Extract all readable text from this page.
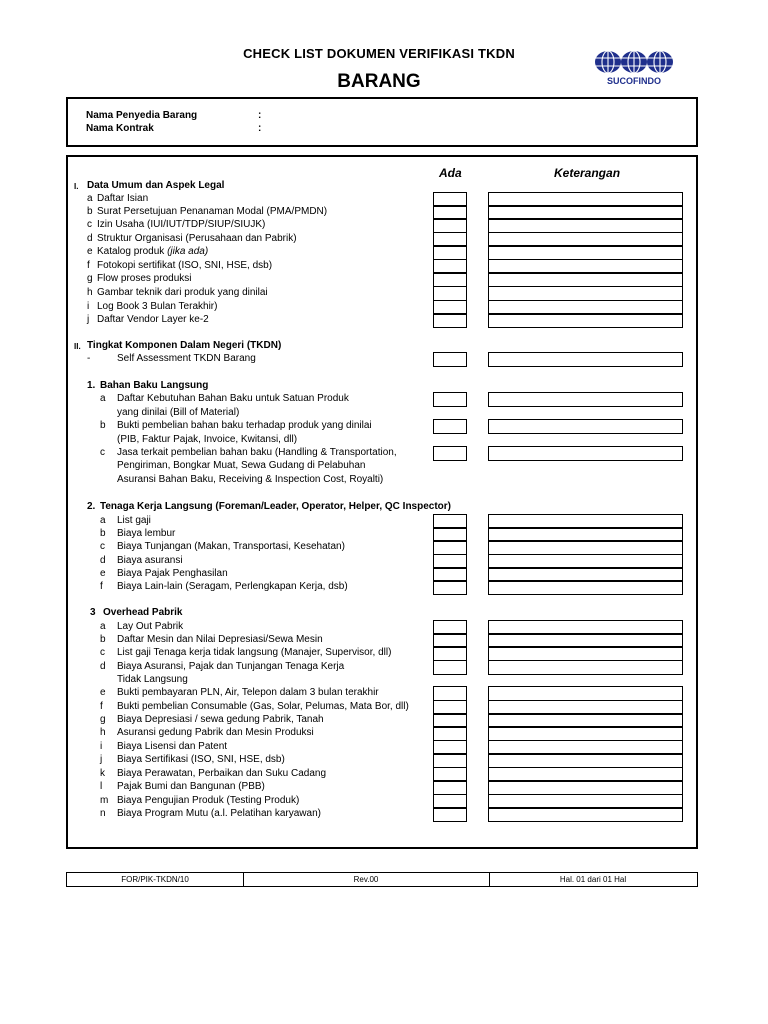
CHECK LIST DOKUMEN VERIFIKASI TKDN
BARANG	SUCOFINDO
Nama Penyedia Barang	:
Nama Kontrak	:
Ada	Keterangan
I. Data Umum dan Aspek Legal
a Daftar Isian
b Surat Persetujuan Penanaman Modal (PMA/PMDN)
c Izin Usaha (IUI/IUT/TDP/SIUP/SIUJK)
d Struktur Organisasi (Perusahaan dan Pabrik)
e Katalog produk (jika ada)
f Fotokopi sertifikat (ISO, SNI, HSE, dsb)
g Flow proses produksi
h Gambar teknik dari produk yang dinilai
i Log Book 3 Bulan Terakhir)
j Daftar Vendor Layer ke-2
II. Tingkat Komponen Dalam Negeri (TKDN)
-	Self Assessment TKDN Barang
1. Bahan Baku Langsung
a Daftar Kebutuhan Bahan Baku untuk Satuan Produk
yang dinilai (Bill of Material)
b Bukti pembelian bahan baku terhadap produk yang dinilai
(PIB, Faktur Pajak, Invoice, Kwitansi, dll)
c Jasa terkait pembelian bahan baku (Handling & Transportation,
Pengiriman, Bongkar Muat, Sewa Gudang di Pelabuhan
Asuransi Bahan Baku, Receiving & Inspection Cost, Royalti)
2. Tenaga Kerja Langsung (Foreman/Leader, Operator, Helper, QC Inspector)
a List gaji
b Biaya lembur
c Biaya Tunjangan (Makan, Transportasi, Kesehatan)
d Biaya asuransi
e Biaya Pajak Penghasilan
f Biaya Lain-lain (Seragam, Perlengkapan Kerja, dsb)
3 Overhead Pabrik
a Lay Out Pabrik
b Daftar Mesin dan Nilai Depresiasi/Sewa Mesin
c List gaji Tenaga kerja tidak langsung (Manajer, Supervisor, dll)
d Biaya Asuransi, Pajak dan Tunjangan Tenaga Kerja
Tidak Langsung
e Bukti pembayaran PLN, Air, Telepon dalam 3 bulan terakhir
f Bukti pembelian Consumable (Gas, Solar, Pelumas, Mata Bor, dll)
g Biaya Depresiasi / sewa gedung Pabrik, Tanah
h Asuransi gedung Pabrik dan Mesin Produksi
i Biaya Lisensi dan Patent
j Biaya Sertifikasi (ISO, SNI, HSE, dsb)
k Biaya Perawatan, Perbaikan dan Suku Cadang
l Pajak Bumi dan Bangunan (PBB)
m Biaya Pengujian Produk (Testing Produk)
n Biaya Program Mutu (a.l. Pelatihan karyawan)
FOR/PIK-TKDN/10	Rev.00	Hal. 01 dari 01 Hal
